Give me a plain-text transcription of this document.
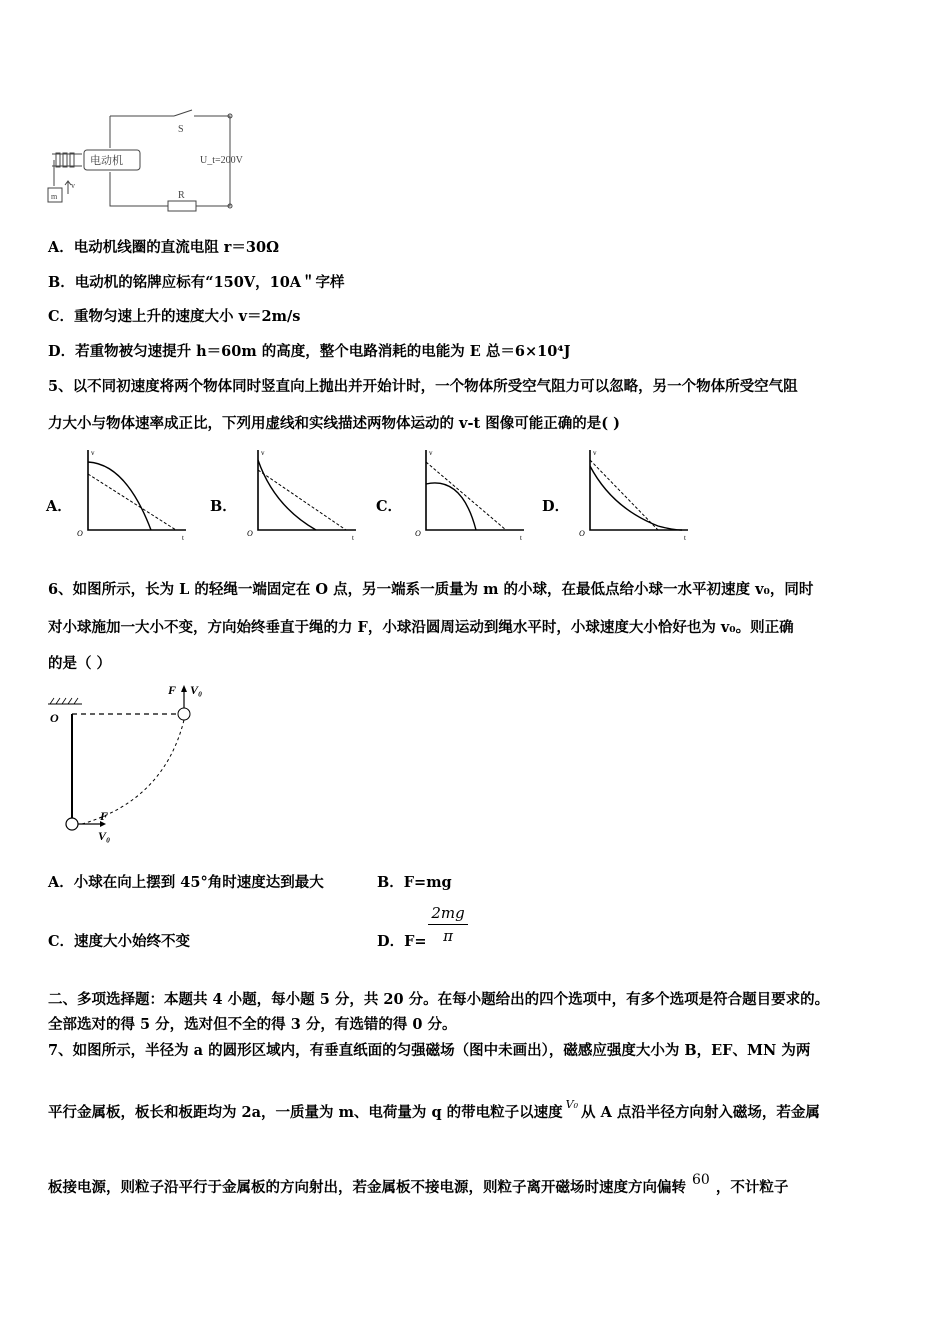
S
电动机	U_t=200V
R
m
v
A．电动机线圈的直流电阻 r＝30Ω
B．电动机的铭牌应标有“150V，10A＂字样
C．重物匀速上升的速度大小 v＝2m/s
D．若重物被匀速提升 h＝60m 的高度，整个电路消耗的电能为 E 总＝6×10⁴J
5、以不同初速度将两个物体同时竖直向上抛出并开始计时，一个物体所受空气阻力可以忽略，另一个物体所受空气阻
力大小与物体速率成正比，下列用虚线和实线描述两物体运动的 v-t 图像可能正确的是( )
A．	B．	C．	D．
v
t
O
v
t
O
v
t
O
v
t
O
6、如图所示，长为 L 的轻绳一端固定在 O 点，另一端系一质量为 m 的小球，在最低点给小球一水平初速度 v₀，同时
对小球施加一大小不变，方向始终垂直于绳的力 F，小球沿圆周运动到绳水平时，小球速度大小恰好也为 v₀。则正确
的是（ ）
O
F V₀
F
V₀
A．小球在向上摆到 45°角时速度达到最大	B．F=mg
C．速度大小始终不变	D．$F= \frac{2mg}{\pi}$
二、多项选择题：本题共 4 小题，每小题 5 分，共 20 分。在每小题给出的四个选项中，有多个选项是符合题目要求的。
全部选对的得 5 分，选对但不全的得 3 分，有选错的得 0 分。
7、如图所示，半径为 a 的圆形区域内，有垂直纸面的匀强磁场（图中未画出），磁感应强度大小为 B，EF、MN 为两
平行金属板，板长和板距均为 2a，一质量为 m、电荷量为 q 的带电粒子以速度 $^{V_0}$ 从 A 点沿半径方向射入磁场，若金属
板接电源，则粒子沿平行于金属板的方向射出，若金属板不接电源，则粒子离开磁场时速度方向偏转 60 ，不计粒子
